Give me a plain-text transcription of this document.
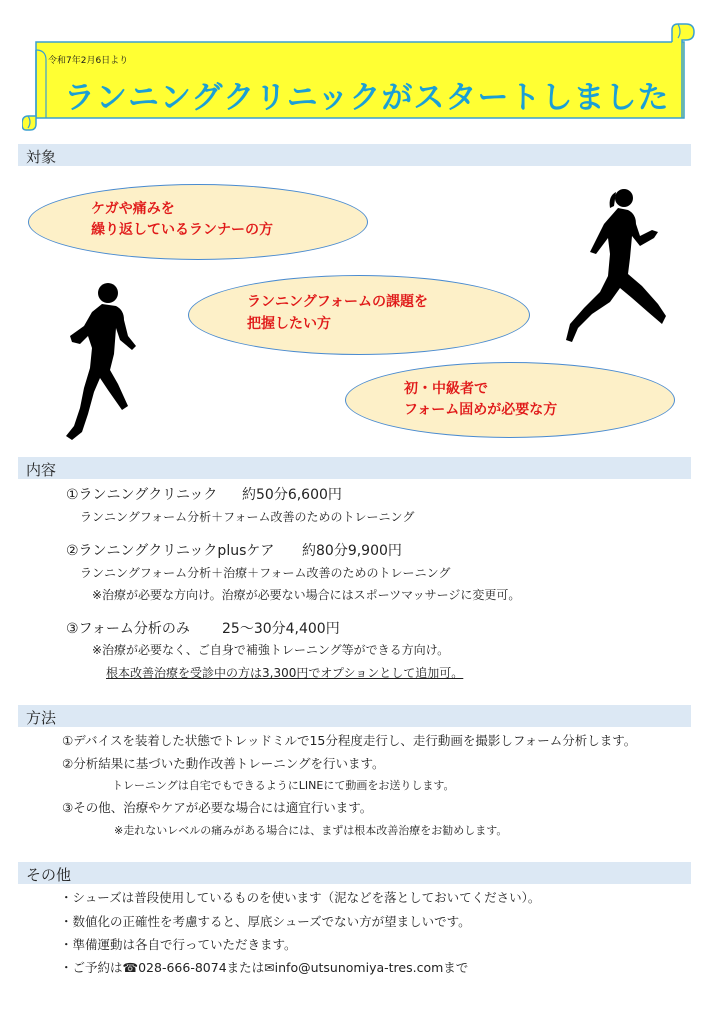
令和7年2月6日より
ランニングクリニックがスタートしました
対象
ケガや痛みを
繰り返しているランナーの方
ランニングフォームの課題を
把握したい方
初・中級者で
フォーム固めが必要な方
内容
①ランニングクリニック 約50分6,600円
ランニングフォーム分析＋フォーム改善のためのトレーニング
②ランニングクリニックplusケア 約80分9,900円
ランニングフォーム分析＋治療＋フォーム改善のためのトレーニング
※治療が必要な方向け。治療が必要ない場合にはスポーツマッサージに変更可。
③フォーム分析のみ 25～30分4,400円
※治療が必要なく、ご自身で補強トレーニング等ができる方向け。
根本改善治療を受診中の方は3,300円でオプションとして追加可。
方法
①デバイスを装着した状態でトレッドミルで15分程度走行し、走行動画を撮影しフォーム分析します。
②分析結果に基づいた動作改善トレーニングを行います。
トレーニングは自宅でもできるようにLINEにて動画をお送りします。
③その他、治療やケアが必要な場合には適宜行います。
※走れないレベルの痛みがある場合には、まずは根本改善治療をお勧めします。
その他
・シューズは普段使用しているものを使います（泥などを落としておいてください）。
・数値化の正確性を考慮すると、厚底シューズでない方が望ましいです。
・準備運動は各自で行っていただきます。
・ご予約は☎028-666-8074または✉info@utsunomiya-tres.comまで
